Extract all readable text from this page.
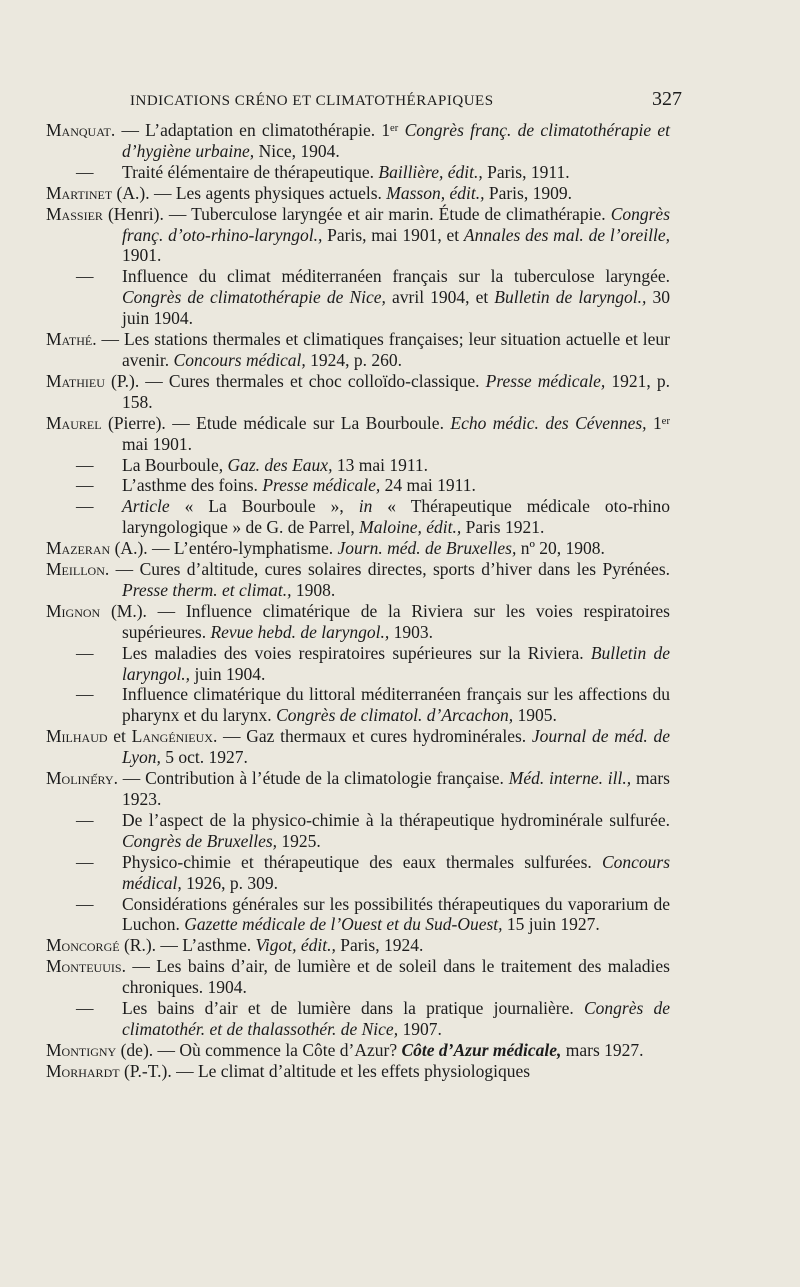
INDICATIONS CRÉNO ET CLIMATOTHÉRAPIQUES	327
Manquat. — L’adaptation en climatothérapie. 1ᵉʳ Congrès franç. de climatothérapie et d’hygiène urbaine, Nice, 1904.
— Traité élémentaire de thérapeutique. Baillière, édit., Paris, 1911.
Martinet (A.). — Les agents physiques actuels. Masson, édit., Paris, 1909.
Massier (Henri). — Tuberculose laryngée et air marin. Étude de climathérapie. Congrès franç. d’oto-rhino-laryngol., Paris, mai 1901, et Annales des mal. de l’oreille, 1901.
— Influence du climat méditerranéen français sur la tuberculose laryngée. Congrès de climatothérapie de Nice, avril 1904, et Bulletin de laryngol., 30 juin 1904.
Mathé. — Les stations thermales et climatiques françaises; leur situation actuelle et leur avenir. Concours médical, 1924, p. 260.
Mathieu (P.). — Cures thermales et choc colloïdo-classique. Presse médicale, 1921, p. 158.
Maurel (Pierre). — Etude médicale sur La Bourboule. Echo médic. des Cévennes, 1ᵉʳ mai 1901.
— La Bourboule, Gaz. des Eaux, 13 mai 1911.
— L’asthme des foins. Presse médicale, 24 mai 1911.
— Article « La Bourboule », in « Thérapeutique médicale oto-rhino laryngologique » de G. de Parrel, Maloine, édit., Paris 1921.
Mazeran (A.). — L’entéro-lymphatisme. Journ. méd. de Bruxelles, nº 20, 1908.
Meillon. — Cures d’altitude, cures solaires directes, sports d’hiver dans les Pyrénées. Presse therm. et climat., 1908.
Mignon (M.). — Influence climatérique de la Riviera sur les voies respiratoires supérieures. Revue hebd. de laryngol., 1903.
— Les maladies des voies respiratoires supérieures sur la Riviera. Bulletin de laryngol., juin 1904.
— Influence climatérique du littoral méditerranéen français sur les affections du pharynx et du larynx. Congrès de climatol. d’Arcachon, 1905.
Milhaud et Langénieux. — Gaz thermaux et cures hydrominérales. Journal de méd. de Lyon, 5 oct. 1927.
Moliné́ry. — Contribution à l’étude de la climatologie française. Méd. interne. ill., mars 1923.
— De l’aspect de la physico-chimie à la thérapeutique hydrominérale sulfurée. Congrès de Bruxelles, 1925.
— Physico-chimie et thérapeutique des eaux thermales sulfurées. Concours médical, 1926, p. 309.
— Considérations générales sur les possibilités thérapeutiques du vaporarium de Luchon. Gazette médicale de l’Ouest et du Sud-Ouest, 15 juin 1927.
Moncorgé (R.). — L’asthme. Vigot, édit., Paris, 1924.
Monteuuis. — Les bains d’air, de lumière et de soleil dans le traitement des maladies chroniques. 1904.
— Les bains d’air et de lumière dans la pratique journalière. Congrès de climatothér. et de thalassothér. de Nice, 1907.
Montigny (de). — Où commence la Côte d’Azur? Côte d’Azur médicale, mars 1927.
Morhardt (P.-T.). — Le climat d’altitude et les effets physiologiques
